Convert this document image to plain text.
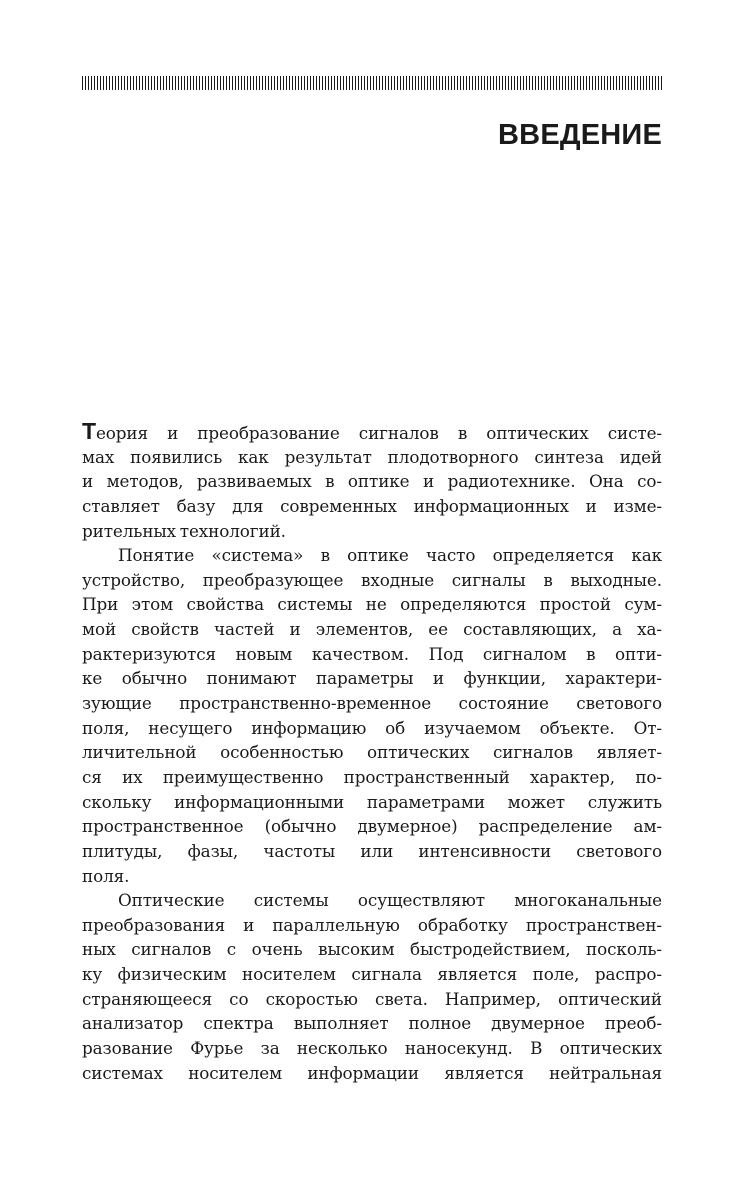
ВВЕДЕНИЕ
Теория и преобразование сигналов в оптических систе-
мах появились как результат плодотворного синтеза идей
и методов, развиваемых в оптике и радиотехнике. Она со-
ставляет базу для современных информационных и изме-
рительных технологий.
Понятие «система» в оптике часто определяется как
устройство, преобразующее входные сигналы в выходные.
При этом свойства системы не определяются простой сум-
мой свойств частей и элементов, ее составляющих, а ха-
рактеризуются новым качеством. Под сигналом в опти-
ке обычно понимают параметры и функции, характери-
зующие пространственно-временное состояние светового
поля, несущего информацию об изучаемом объекте. От-
личительной особенностью оптических сигналов являет-
ся их преимущественно пространственный характер, по-
скольку информационными параметрами может служить
пространственное (обычно двумерное) распределение ам-
плитуды, фазы, частоты или интенсивности светового
поля.
Оптические системы осуществляют многоканальные
преобразования и параллельную обработку пространствен-
ных сигналов с очень высоким быстродействием, посколь-
ку физическим носителем сигнала является поле, распро-
страняющееся со скоростью света. Например, оптический
анализатор спектра выполняет полное двумерное преоб-
разование Фурье за несколько наносекунд. В оптических
системах носителем информации является нейтральная
